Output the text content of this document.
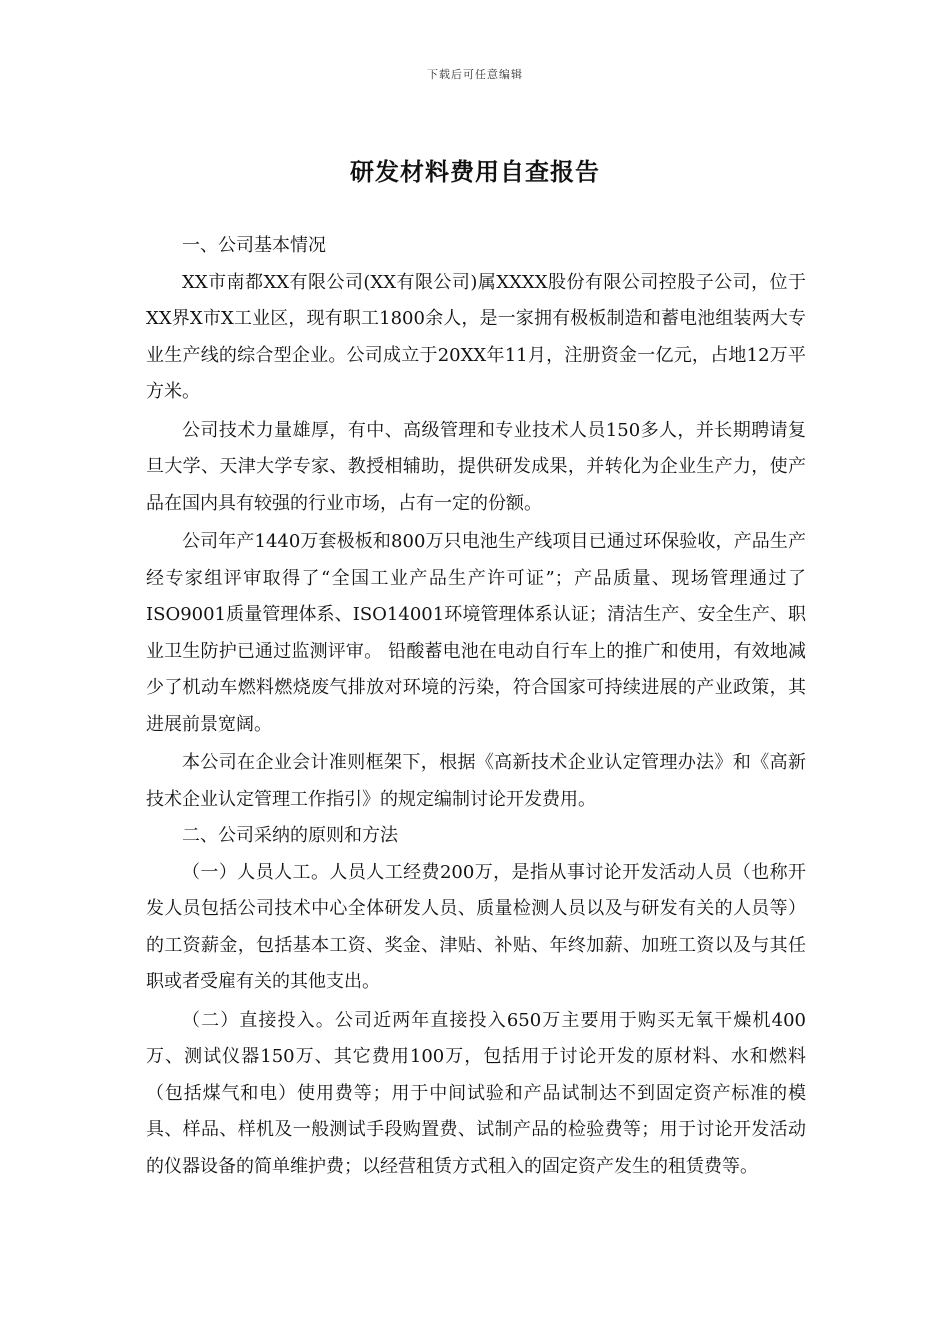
下载后可任意编辑
研发材料费用自查报告

一、公司基本情况

XX市南都XX有限公司(XX有限公司)属XXXX股份有限公司控股子公司，位于XX界X市X工业区，现有职工1800余人，是一家拥有极板制造和蓄电池组装两大专业生产线的综合型企业。公司成立于20XX年11月，注册资金一亿元，占地12万平方米。

公司技术力量雄厚，有中、高级管理和专业技术人员150多人，并长期聘请复旦大学、天津大学专家、教授相辅助，提供研发成果，并转化为企业生产力，使产品在国内具有较强的行业市场，占有一定的份额。

公司年产1440万套极板和800万只电池生产线项目已通过环保验收，产品生产经专家组评审取得了“全国工业产品生产许可证”；产品质量、现场管理通过了ISO9001质量管理体系、ISO14001环境管理体系认证；清洁生产、安全生产、职业卫生防护已通过监测评审。 铅酸蓄电池在电动自行车上的推广和使用，有效地减少了机动车燃料燃烧废气排放对环境的污染，符合国家可持续进展的产业政策，其进展前景宽阔。

本公司在企业会计准则框架下，根据《高新技术企业认定管理办法》和《高新技术企业认定管理工作指引》的规定编制讨论开发费用。

二、公司采纳的原则和方法

（一）人员人工。人员人工经费200万，是指从事讨论开发活动人员（也称开发人员包括公司技术中心全体研发人员、质量检测人员以及与研发有关的人员等）的工资薪金，包括基本工资、奖金、津贴、补贴、年终加薪、加班工资以及与其任职或者受雇有关的其他支出。

（二）直接投入。公司近两年直接投入650万主要用于购买无氧干燥机400万、测试仪器150万、其它费用100万，包括用于讨论开发的原材料、水和燃料（包括煤气和电）使用费等；用于中间试验和产品试制达不到固定资产标准的模具、样品、样机及一般测试手段购置费、试制产品的检验费等；用于讨论开发活动的仪器设备的简单维护费；以经营租赁方式租入的固定资产发生的租赁费等。
